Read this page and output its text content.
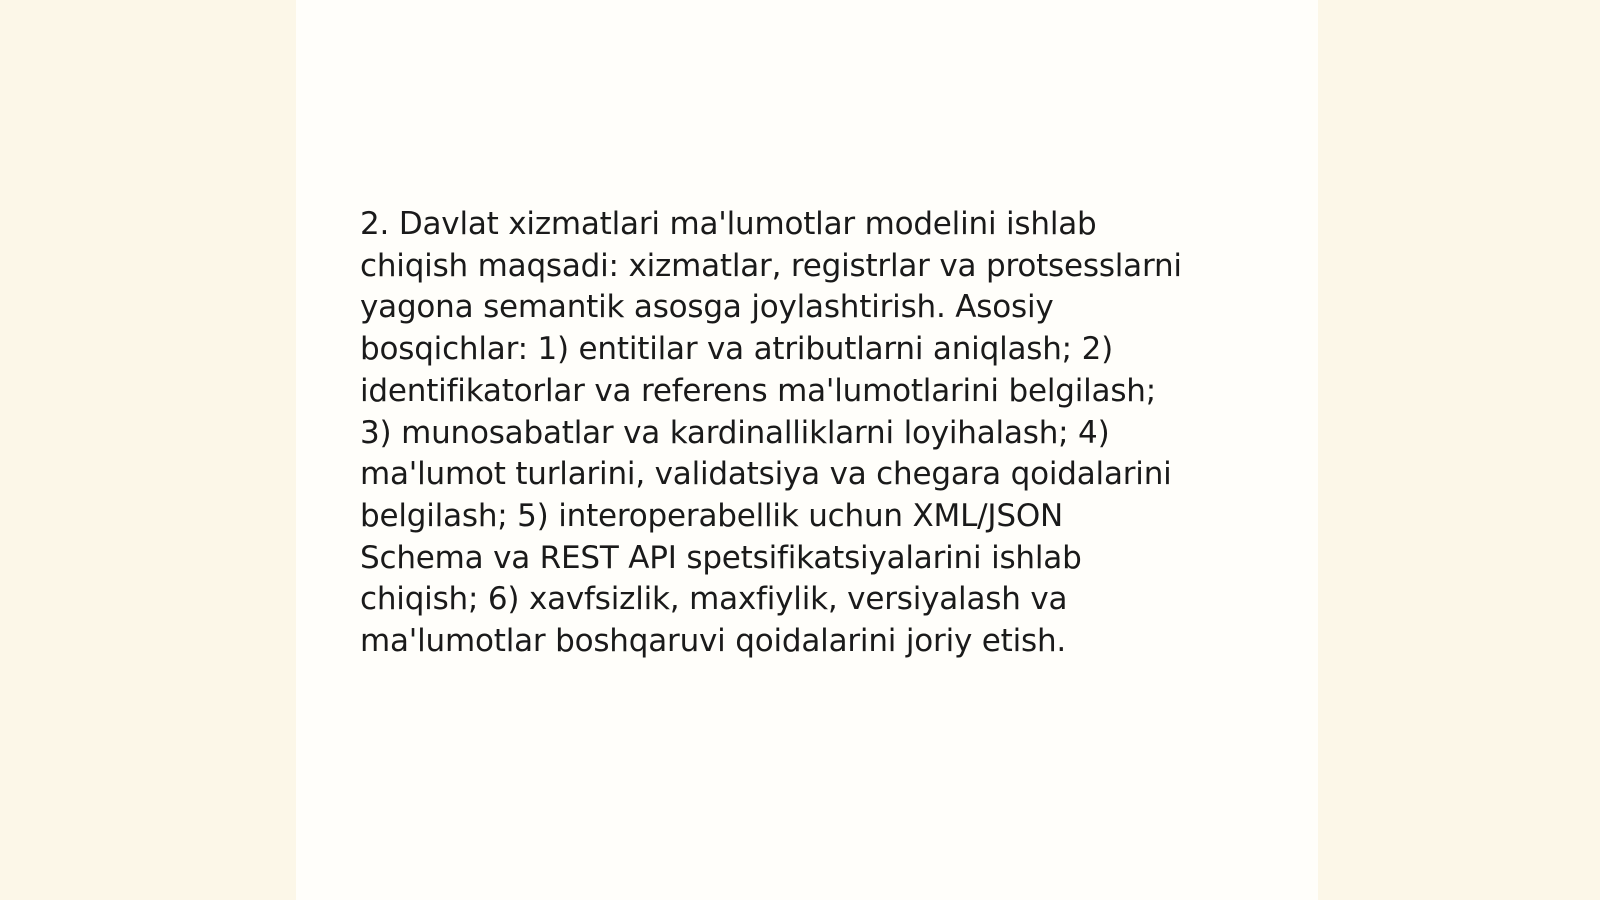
2. Davlat xizmatlari ma'lumotlar modelini ishlab
chiqish maqsadi: xizmatlar, registrlar va protsesslarni
yagona semantik asosga joylashtirish. Asosiy
bosqichlar: 1) entitilar va atributlarni aniqlash; 2)
identifikatorlar va referens ma'lumotlarini belgilash;
3) munosabatlar va kardinalliklarni loyihalash; 4)
ma'lumot turlarini, validatsiya va chegara qoidalarini
belgilash; 5) interoperabellik uchun XML/JSON
Schema va REST API spetsifikatsiyalarini ishlab
chiqish; 6) xavfsizlik, maxfiylik, versiyalash va
ma'lumotlar boshqaruvi qoidalarini joriy etish.
